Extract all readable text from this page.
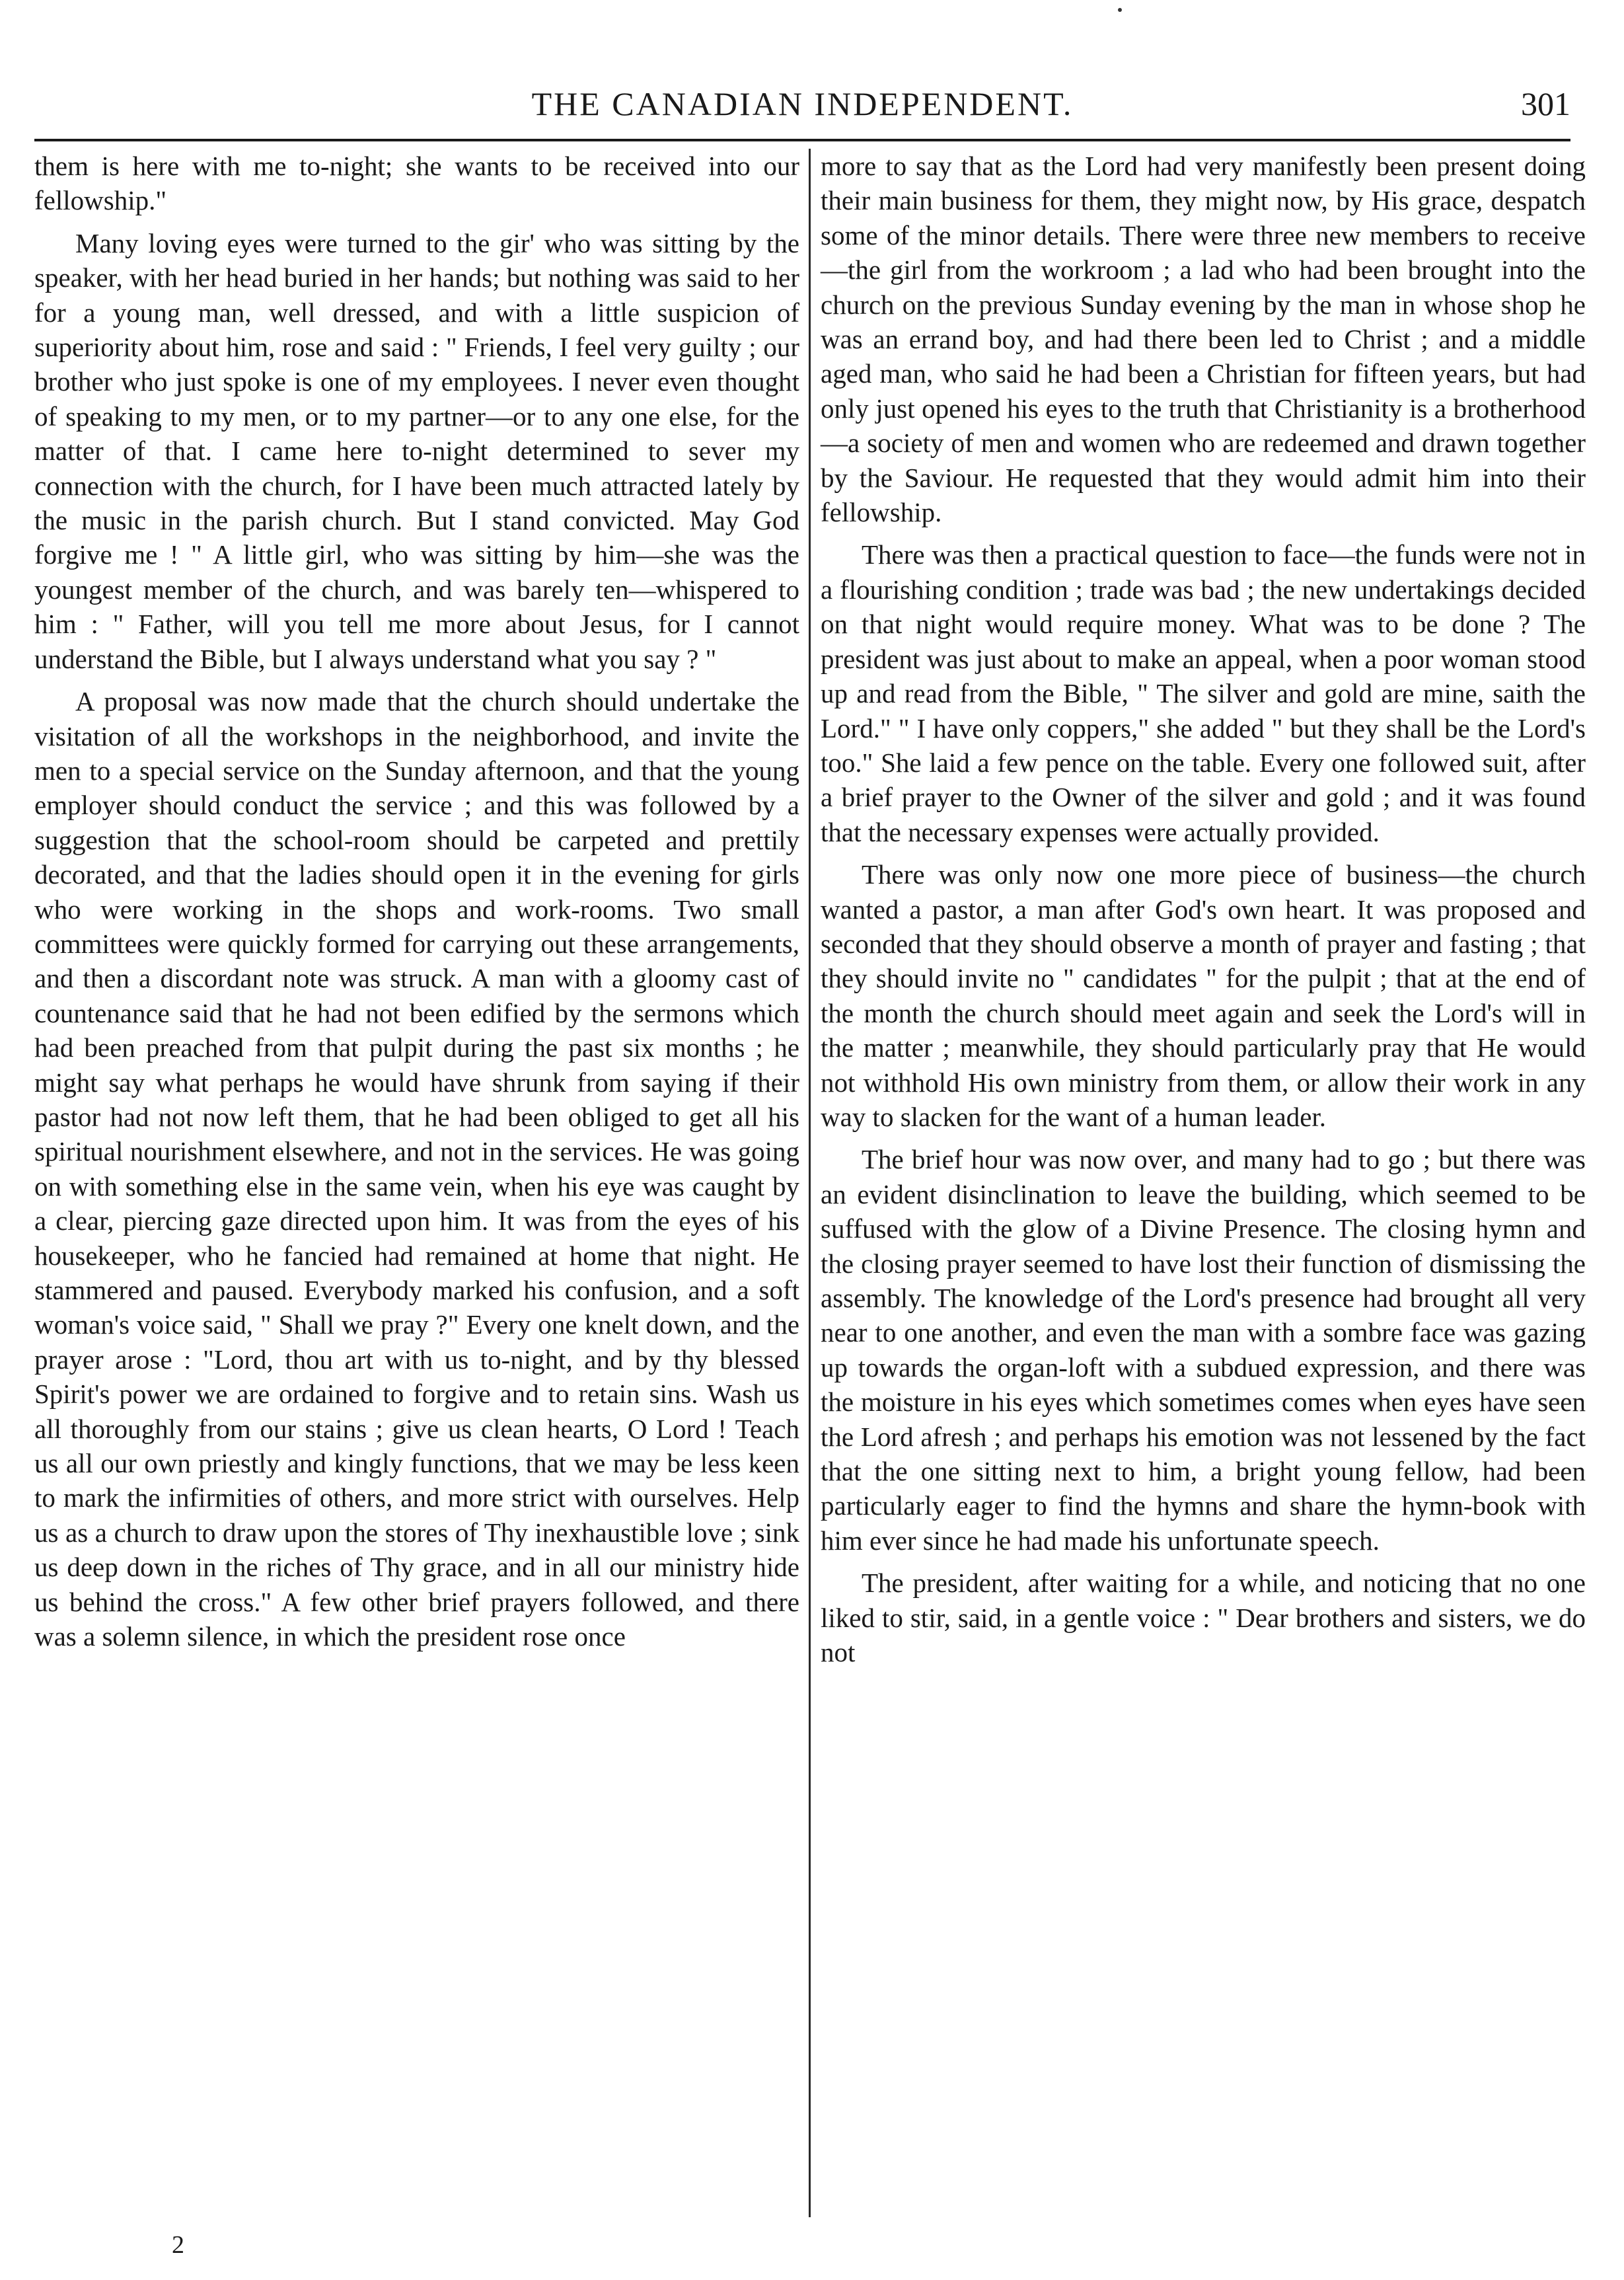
THE CANADIAN INDEPENDENT.	301

them is here with me to-night; she wants to be received into our fellowship."

Many loving eyes were turned to the gir' who was sitting by the speaker, with her head buried in her hands; but nothing was said to her for a young man, well dressed, and with a little suspicion of superiority about him, rose and said : " Friends, I feel very guilty ; our brother who just spoke is one of my employees. I never even thought of speaking to my men, or to my partner—or to any one else, for the matter of that. I came here to-night determined to sever my connection with the church, for I have been much attracted lately by the music in the parish church. But I stand convicted. May God forgive me ! " A little girl, who was sitting by him—she was the youngest member of the church, and was barely ten—whispered to him : " Father, will you tell me more about Jesus, for I cannot understand the Bible, but I always understand what you say ? "

A proposal was now made that the church should undertake the visitation of all the workshops in the neighborhood, and invite the men to a special service on the Sunday afternoon, and that the young employer should conduct the service ; and this was followed by a suggestion that the school-room should be carpeted and prettily decorated, and that the ladies should open it in the evening for girls who were working in the shops and work-rooms. Two small committees were quickly formed for carrying out these arrangements, and then a discordant note was struck. A man with a gloomy cast of countenance said that he had not been edified by the sermons which had been preached from that pulpit during the past six months ; he might say what perhaps he would have shrunk from saying if their pastor had not now left them, that he had been obliged to get all his spiritual nourishment elsewhere, and not in the services. He was going on with something else in the same vein, when his eye was caught by a clear, piercing gaze directed upon him. It was from the eyes of his housekeeper, who he fancied had remained at home that night. He stammered and paused. Everybody marked his confusion, and a soft woman's voice said, " Shall we pray ?" Every one knelt down, and the prayer arose : "Lord, thou art with us to-night, and by thy blessed Spirit's power we are ordained to forgive and to retain sins. Wash us all thoroughly from our stains ; give us clean hearts, O Lord ! Teach us all our own priestly and kingly functions, that we may be less keen to mark the infirmities of others, and more strict with ourselves. Help us as a church to draw upon the stores of Thy inexhaustible love ; sink us deep down in the riches of Thy grace, and in all our ministry hide us behind the cross." A few other brief prayers followed, and there was a solemn silence, in which the president rose once

more to say that as the Lord had very manifestly been present doing their main business for them, they might now, by His grace, despatch some of the minor details. There were three new members to receive—the girl from the workroom ; a lad who had been brought into the church on the previous Sunday evening by the man in whose shop he was an errand boy, and had there been led to Christ ; and a middle aged man, who said he had been a Christian for fifteen years, but had only just opened his eyes to the truth that Christianity is a brotherhood—a society of men and women who are redeemed and drawn together by the Saviour. He requested that they would admit him into their fellowship.

There was then a practical question to face—the funds were not in a flourishing condition ; trade was bad ; the new undertakings decided on that night would require money. What was to be done ? The president was just about to make an appeal, when a poor woman stood up and read from the Bible, " The silver and gold are mine, saith the Lord." " I have only coppers," she added " but they shall be the Lord's too." She laid a few pence on the table. Every one followed suit, after a brief prayer to the Owner of the silver and gold ; and it was found that the necessary expenses were actually provided.

There was only now one more piece of business—the church wanted a pastor, a man after God's own heart. It was proposed and seconded that they should observe a month of prayer and fasting ; that they should invite no " candidates " for the pulpit ; that at the end of the month the church should meet again and seek the Lord's will in the matter ; meanwhile, they should particularly pray that He would not withhold His own ministry from them, or allow their work in any way to slacken for the want of a human leader.

The brief hour was now over, and many had to go ; but there was an evident disinclination to leave the building, which seemed to be suffused with the glow of a Divine Presence. The closing hymn and the closing prayer seemed to have lost their function of dismissing the assembly. The knowledge of the Lord's presence had brought all very near to one another, and even the man with a sombre face was gazing up towards the organ-loft with a subdued expression, and there was the moisture in his eyes which sometimes comes when eyes have seen the Lord afresh ; and perhaps his emotion was not lessened by the fact that the one sitting next to him, a bright young fellow, had been particularly eager to find the hymns and share the hymn-book with him ever since he had made his unfortunate speech.

The president, after waiting for a while, and noticing that no one liked to stir, said, in a gentle voice : " Dear brothers and sisters, we do not

2
